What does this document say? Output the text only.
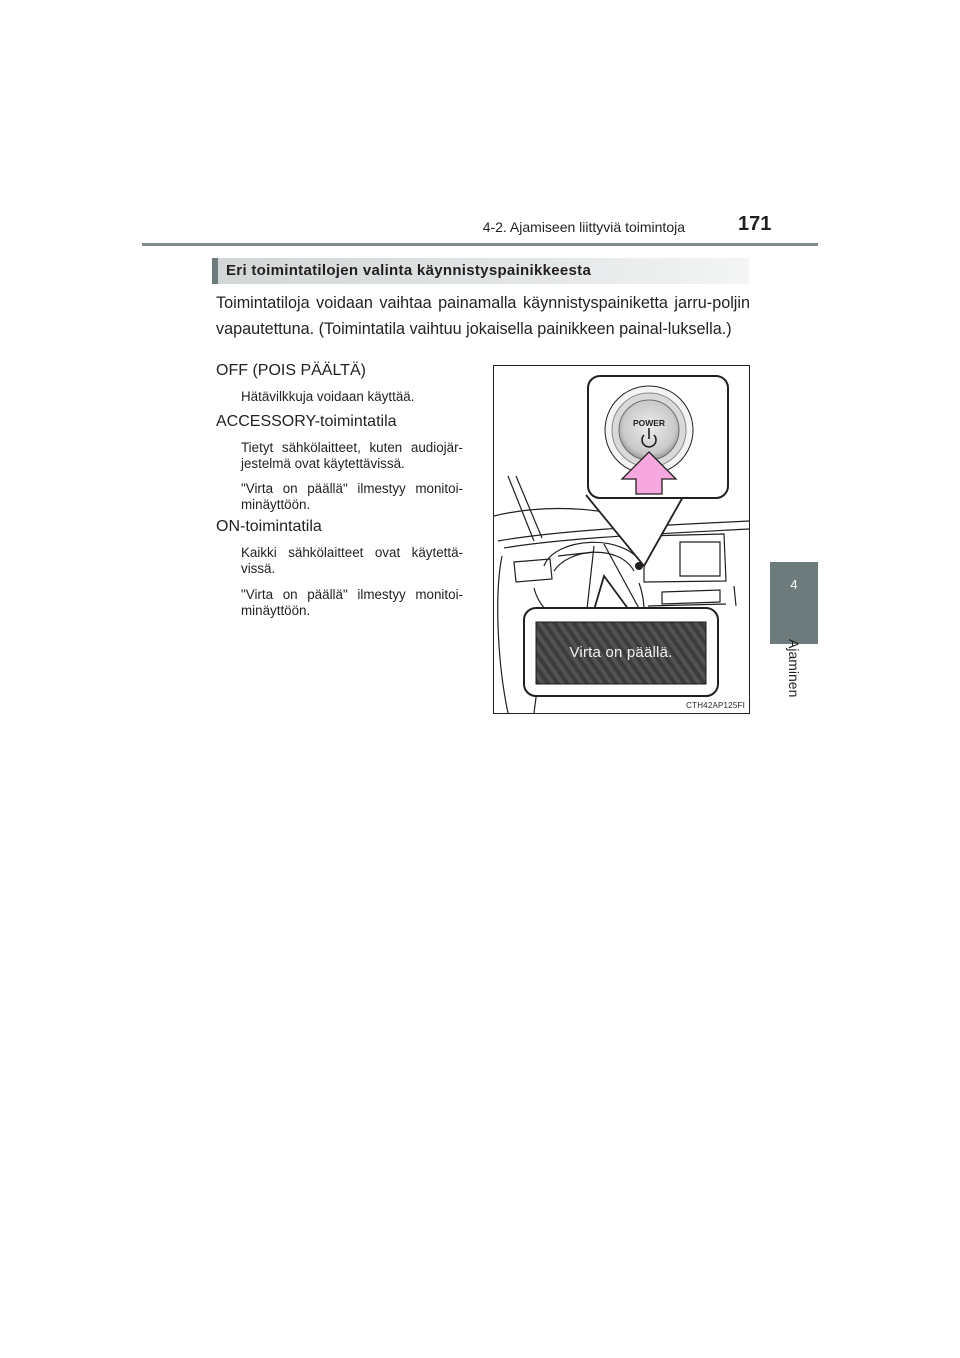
4-2. Ajamiseen liittyviä toimintoja	171
4
Ajaminen
Eri toimintatilojen valinta käynnistyspainikkeesta
Toimintatiloja voidaan vaihtaa painamalla käynnistyspainiketta jarru-poljin vapautettuna. (Toimintatila vaihtuu jokaisella painikkeen painal-luksella.)
OFF (POIS PÄÄLTÄ)
Hätävilkkuja voidaan käyttää.
ACCESSORY-toimintatila
Tietyt sähkölaitteet, kuten audiojär-jestelmä ovat käytettävissä.
"Virta on päällä" ilmestyy monitoi-minäyttöön.
ON-toimintatila
Kaikki sähkölaitteet ovat käytettä-vissä.
"Virta on päällä" ilmestyy monitoi-minäyttöön.
POWER
Virta on päällä.
CTH42AP125FI
